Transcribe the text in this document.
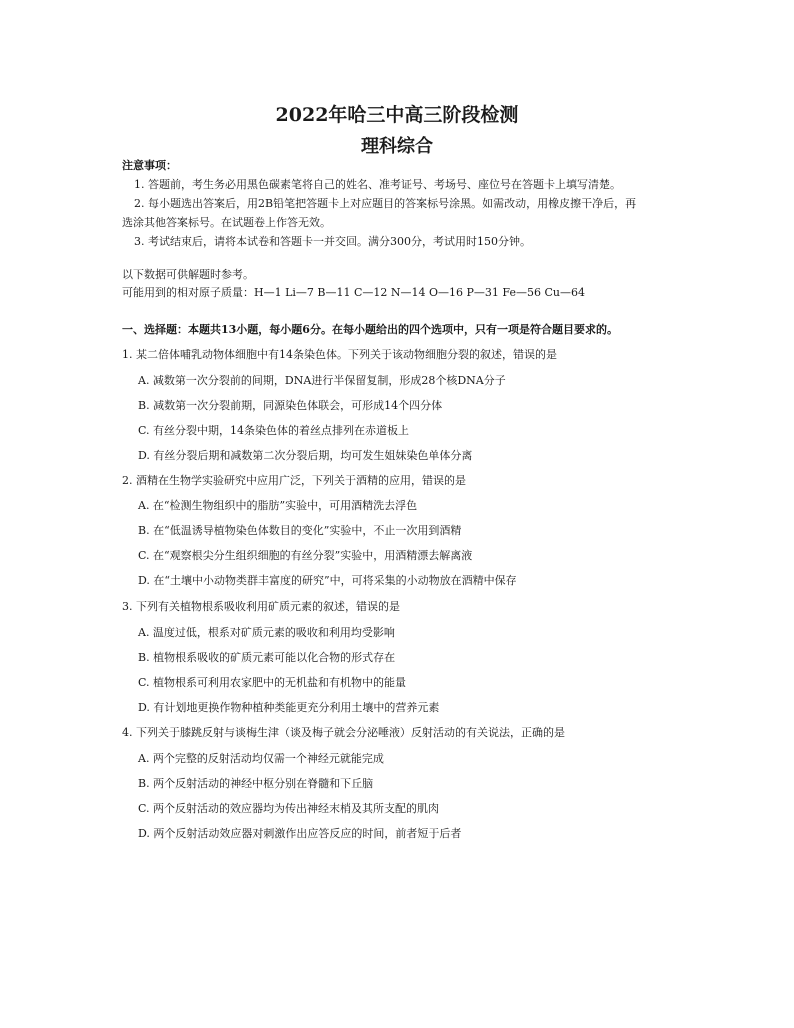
2022年哈三中高三阶段检测
理科综合
注意事项：
1. 答题前，考生务必用黑色碳素笔将自己的姓名、准考证号、考场号、座位号在答题卡上填写清楚。
2. 每小题选出答案后，用2B铅笔把答题卡上对应题目的答案标号涂黑。如需改动，用橡皮擦干净后，再
选涂其他答案标号。在试题卷上作答无效。
3. 考试结束后，请将本试卷和答题卡一并交回。满分300分，考试用时150分钟。
以下数据可供解题时参考。
可能用到的相对原子质量：H—1 Li—7 B—11 C—12 N—14 O—16 P—31 Fe—56 Cu—64
一、选择题：本题共13小题，每小题6分。在每小题给出的四个选项中，只有一项是符合题目要求的。
1. 某二倍体哺乳动物体细胞中有14条染色体。下列关于该动物细胞分裂的叙述，错误的是
A. 减数第一次分裂前的间期，DNA进行半保留复制，形成28个核DNA分子
B. 减数第一次分裂前期，同源染色体联会，可形成14个四分体
C. 有丝分裂中期，14条染色体的着丝点排列在赤道板上
D. 有丝分裂后期和减数第二次分裂后期，均可发生姐妹染色单体分离
2. 酒精在生物学实验研究中应用广泛，下列关于酒精的应用，错误的是
A. 在“检测生物组织中的脂肪”实验中，可用酒精洗去浮色
B. 在“低温诱导植物染色体数目的变化”实验中，不止一次用到酒精
C. 在“观察根尖分生组织细胞的有丝分裂”实验中，用酒精漂去解离液
D. 在“土壤中小动物类群丰富度的研究”中，可将采集的小动物放在酒精中保存
3. 下列有关植物根系吸收利用矿质元素的叙述，错误的是
A. 温度过低，根系对矿质元素的吸收和利用均受影响
B. 植物根系吸收的矿质元素可能以化合物的形式存在
C. 植物根系可利用农家肥中的无机盐和有机物中的能量
D. 有计划地更换作物种植种类能更充分利用土壤中的营养元素
4. 下列关于膝跳反射与谈梅生津（谈及梅子就会分泌唾液）反射活动的有关说法，正确的是
A. 两个完整的反射活动均仅需一个神经元就能完成
B. 两个反射活动的神经中枢分别在脊髓和下丘脑
C. 两个反射活动的效应器均为传出神经末梢及其所支配的肌肉
D. 两个反射活动效应器对刺激作出应答反应的时间，前者短于后者
